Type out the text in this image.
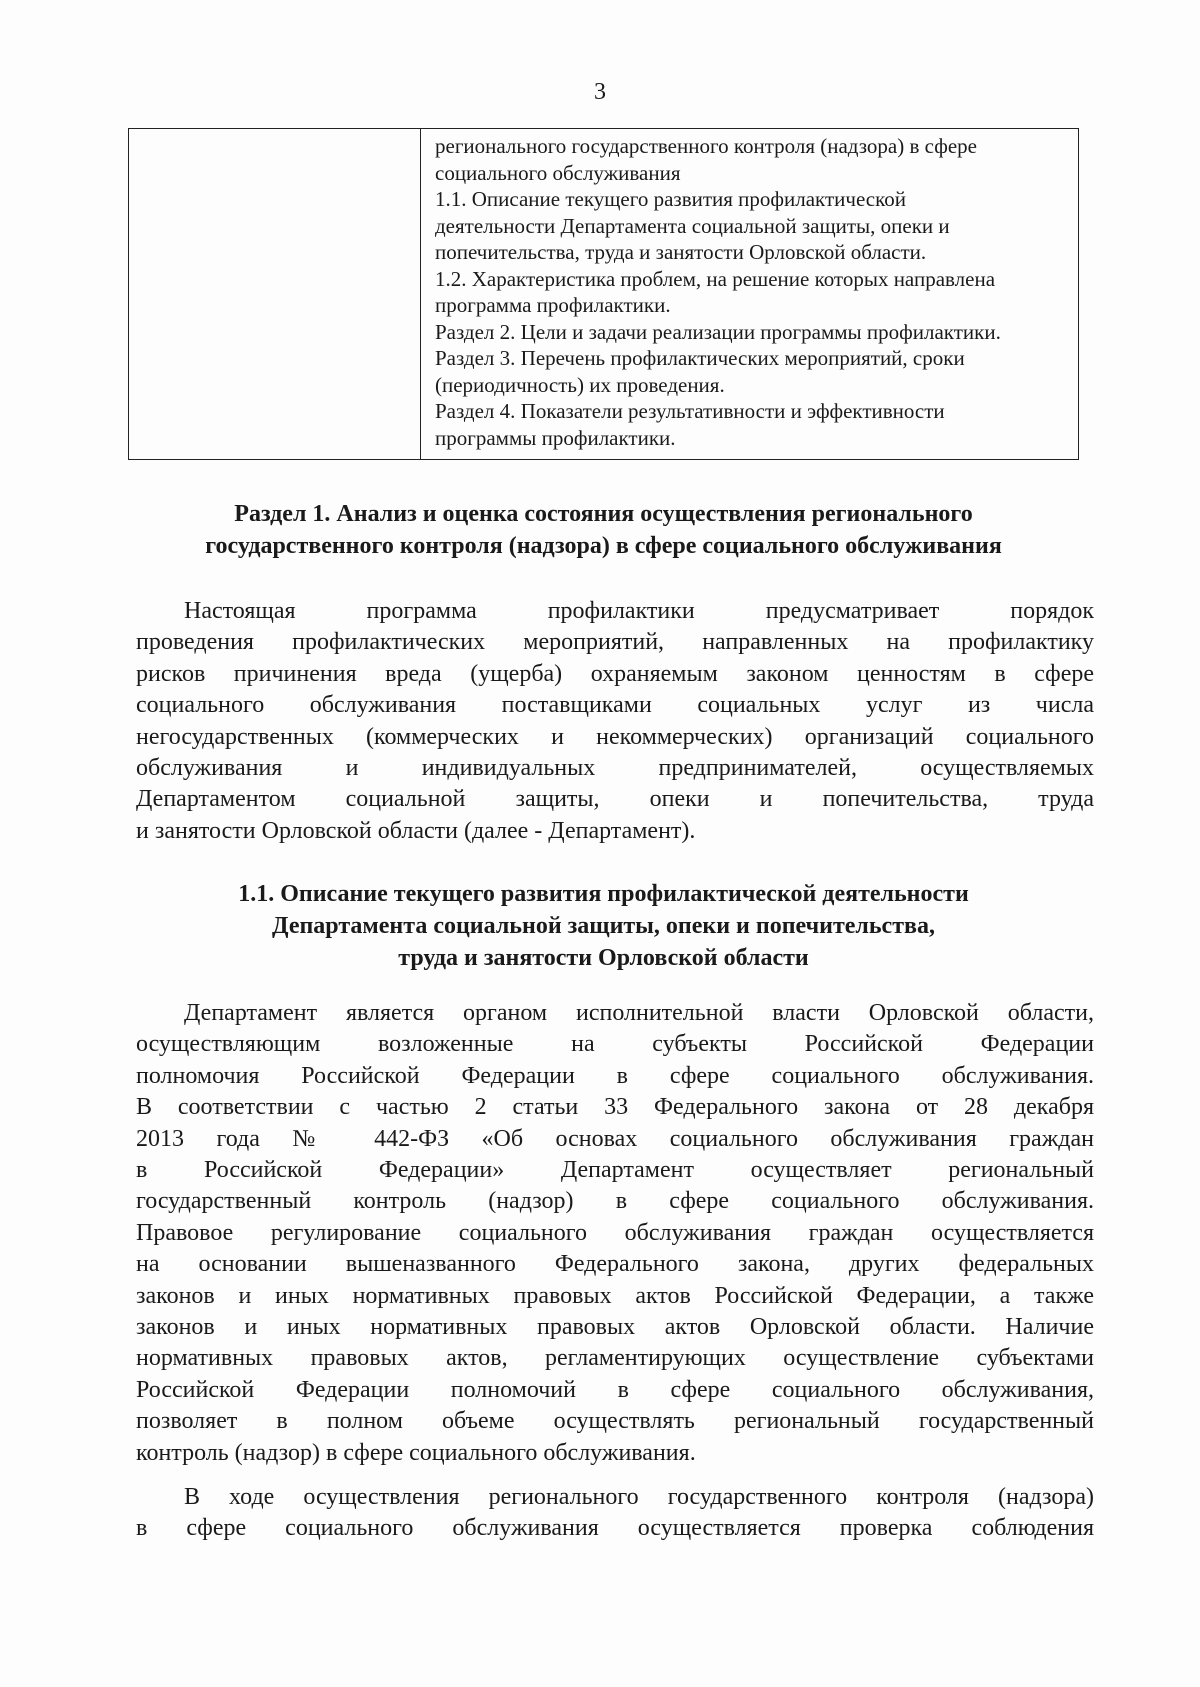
3
регионального государственного контроля (надзора) в сфере
социального обслуживания
1.1. Описание текущего развития профилактической
деятельности Департамента социальной защиты, опеки и
попечительства, труда и занятости Орловской области.
1.2. Характеристика проблем, на решение которых направлена
программа профилактики.
Раздел 2. Цели и задачи реализации программы профилактики.
Раздел 3. Перечень профилактических мероприятий, сроки
(периодичность) их проведения.
Раздел 4. Показатели результативности и эффективности
программы профилактики.
Раздел 1. Анализ и оценка состояния осуществления регионального
государственного контроля (надзора) в сфере социального обслуживания
Настоящая программа профилактики предусматривает порядок
проведения профилактических мероприятий, направленных на профилактику
рисков причинения вреда (ущерба) охраняемым законом ценностям в сфере
социального обслуживания поставщиками социальных услуг из числа
негосударственных (коммерческих и некоммерческих) организаций социального
обслуживания и индивидуальных предпринимателей, осуществляемых
Департаментом социальной защиты, опеки и попечительства, труда
и занятости Орловской области (далее - Департамент).
1.1. Описание текущего развития профилактической деятельности
Департамента социальной защиты, опеки и попечительства,
труда и занятости Орловской области
Департамент является органом исполнительной власти Орловской области,
осуществляющим возложенные на субъекты Российской Федерации
полномочия Российской Федерации в сфере социального обслуживания.
В соответствии с частью 2 статьи 33 Федерального закона от 28 декабря
2013 года № 442-ФЗ «Об основах социального обслуживания граждан
в Российской Федерации» Департамент осуществляет региональный
государственный контроль (надзор) в сфере социального обслуживания.
Правовое регулирование социального обслуживания граждан осуществляется
на основании вышеназванного Федерального закона, других федеральных
законов и иных нормативных правовых актов Российской Федерации, а также
законов и иных нормативных правовых актов Орловской области. Наличие
нормативных правовых актов, регламентирующих осуществление субъектами
Российской Федерации полномочий в сфере социального обслуживания,
позволяет в полном объеме осуществлять региональный государственный
контроль (надзор) в сфере социального обслуживания.
В ходе осуществления регионального государственного контроля (надзора)
в сфере социального обслуживания осуществляется проверка соблюдения
